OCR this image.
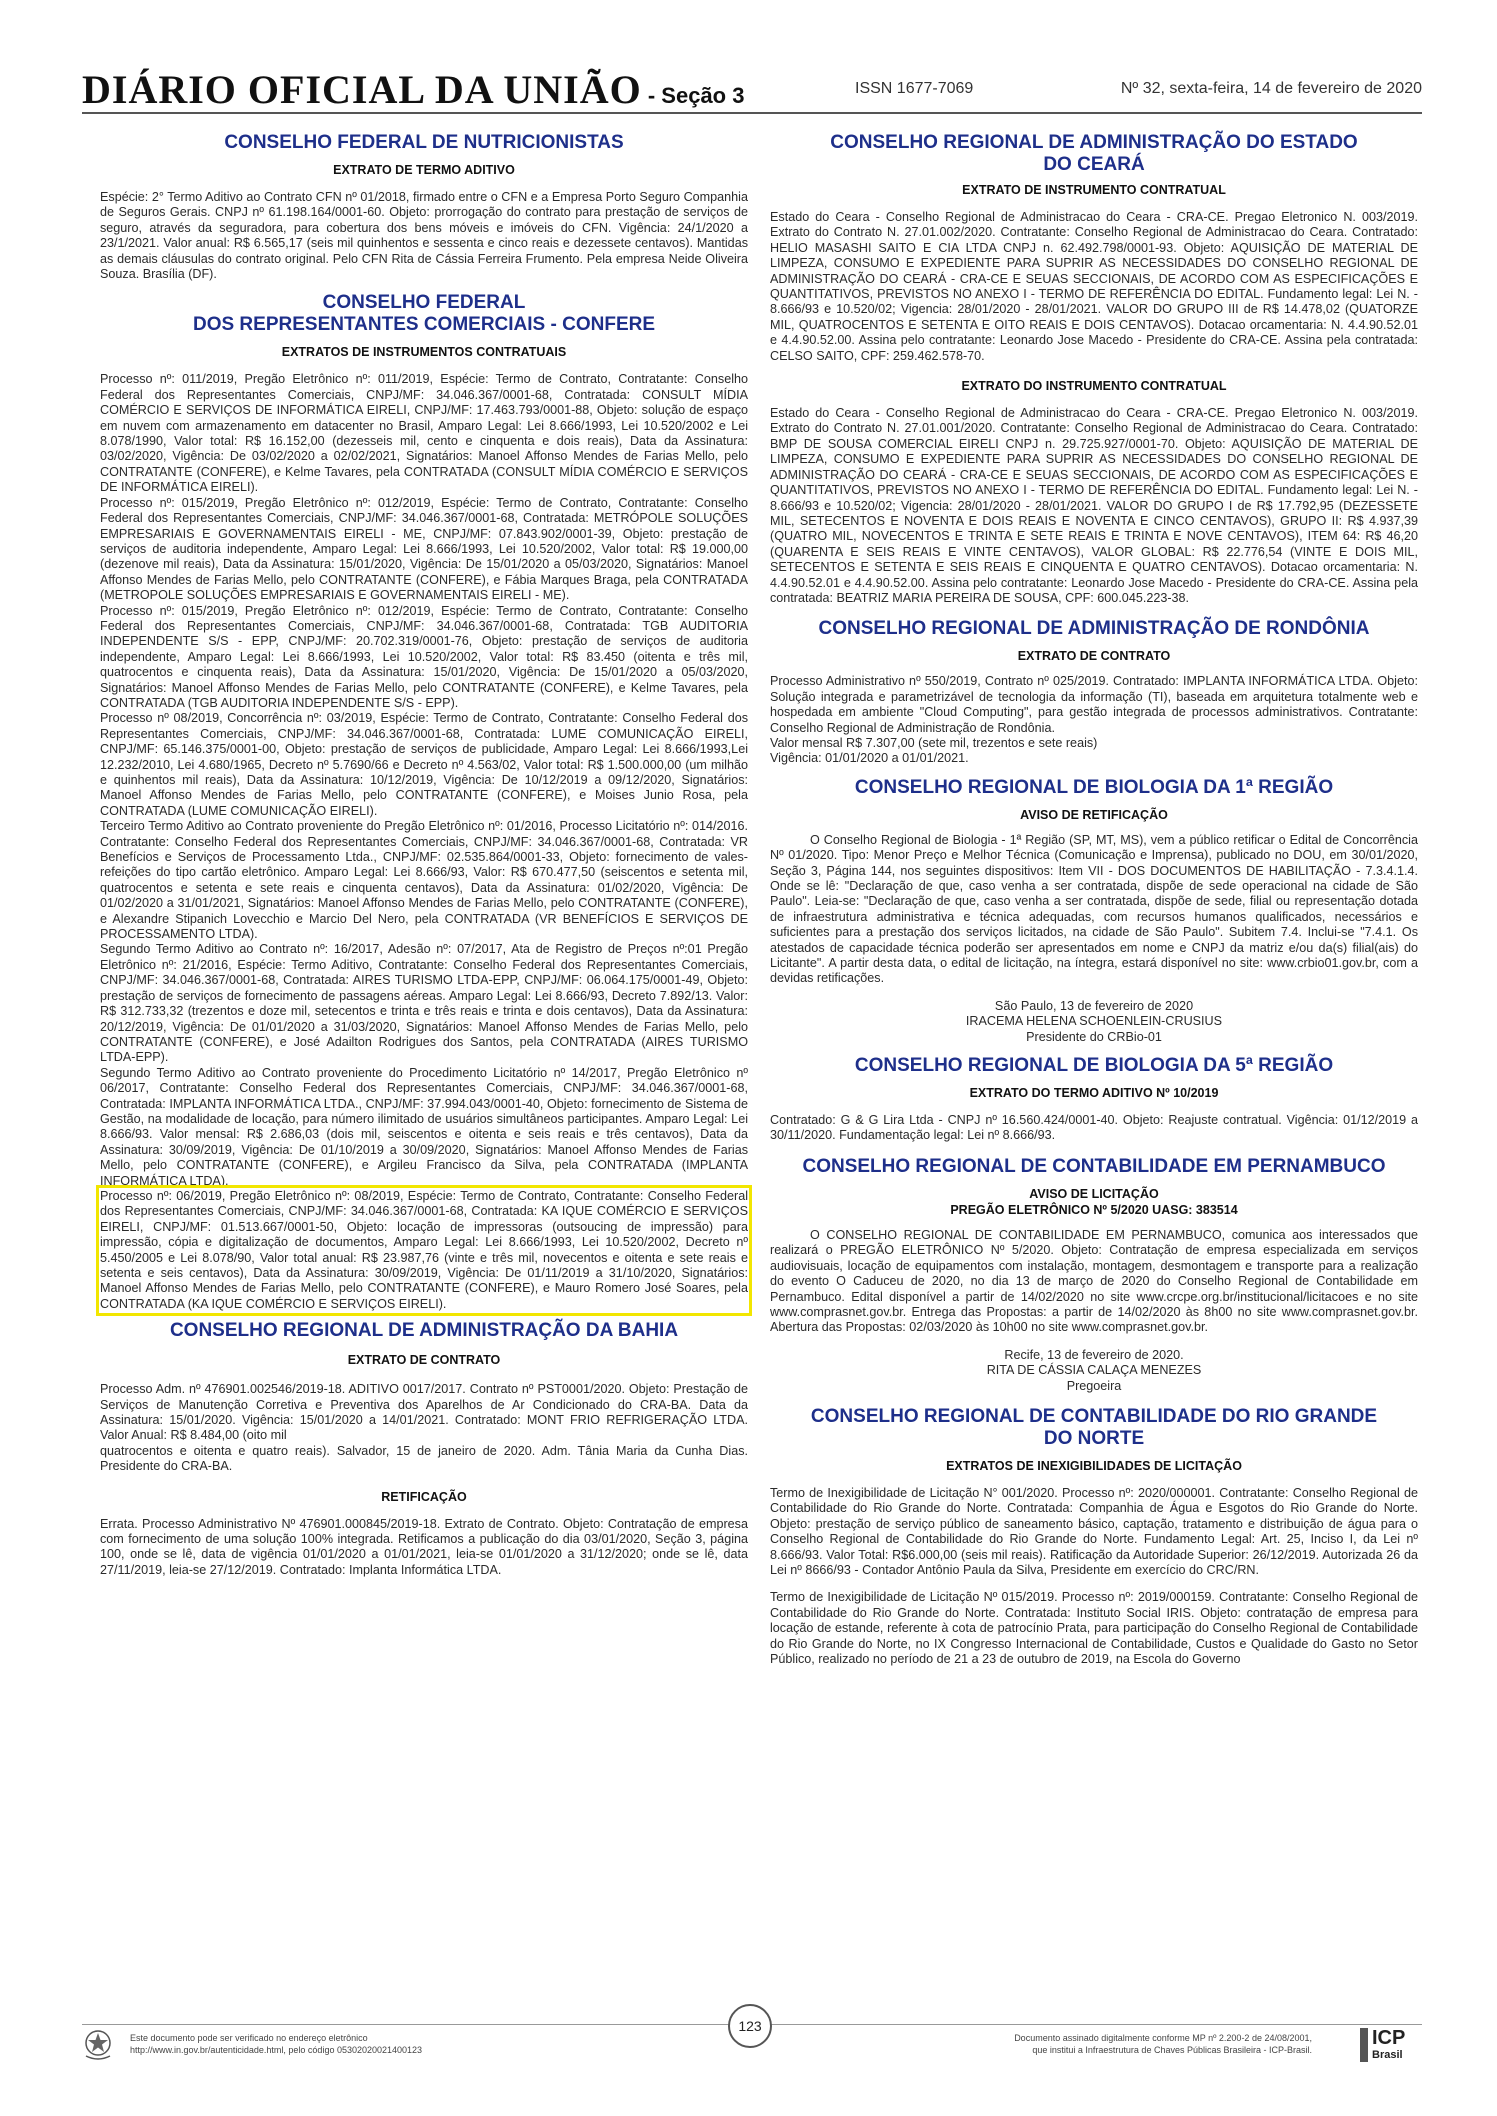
DIÁRIO OFICIAL DA UNIÃO - Seção 3	ISSN 1677-7069	Nº 32, sexta-feira, 14 de fevereiro de 2020
CONSELHO FEDERAL DE NUTRICIONISTAS
EXTRATO DE TERMO ADITIVO

Espécie: 2° Termo Aditivo ao Contrato CFN nº 01/2018, firmado entre o CFN e a Empresa Porto Seguro Companhia de Seguros Gerais. CNPJ nº 61.198.164/0001-60. Objeto: prorrogação do contrato para prestação de serviços de seguro, através da seguradora, para cobertura dos bens móveis e imóveis do CFN. Vigência: 24/1/2020 a 23/1/2021. Valor anual: R$ 6.565,17 (seis mil quinhentos e sessenta e cinco reais e dezessete centavos). Mantidas as demais cláusulas do contrato original. Pelo CFN Rita de Cássia Ferreira Frumento. Pela empresa Neide Oliveira Souza. Brasília (DF).

CONSELHO FEDERAL
DOS REPRESENTANTES COMERCIAIS - CONFERE
EXTRATOS DE INSTRUMENTOS CONTRATUAIS

Processo nº: 011/2019, Pregão Eletrônico nº: 011/2019, Espécie: Termo de Contrato, Contratante: Conselho Federal dos Representantes Comerciais, CNPJ/MF: 34.046.367/0001-68, Contratada: CONSULT MÍDIA COMÉRCIO E SERVIÇOS DE INFORMÁTICA EIRELI, CNPJ/MF: 17.463.793/0001-88, Objeto: solução de espaço em nuvem com armazenamento em datacenter no Brasil, Amparo Legal: Lei 8.666/1993, Lei 10.520/2002 e Lei 8.078/1990, Valor total: R$ 16.152,00 (dezesseis mil, cento e cinquenta e dois reais), Data da Assinatura: 03/02/2020, Vigência: De 03/02/2020 a 02/02/2021, Signatários: Manoel Affonso Mendes de Farias Mello, pelo CONTRATANTE (CONFERE), e Kelme Tavares, pela CONTRATADA (CONSULT MÍDIA COMÉRCIO E SERVIÇOS DE INFORMÁTICA EIRELI).

Processo nº: 015/2019, Pregão Eletrônico nº: 012/2019, Espécie: Termo de Contrato, Contratante: Conselho Federal dos Representantes Comerciais, CNPJ/MF: 34.046.367/0001-68, Contratada: METRÓPOLE SOLUÇÕES EMPRESARIAIS E GOVERNAMENTAIS EIRELI - ME, CNPJ/MF: 07.843.902/0001-39, Objeto: prestação de serviços de auditoria independente, Amparo Legal: Lei 8.666/1993, Lei 10.520/2002, Valor total: R$ 19.000,00 (dezenove mil reais), Data da Assinatura: 15/01/2020, Vigência: De 15/01/2020 a 05/03/2020, Signatários: Manoel Affonso Mendes de Farias Mello, pelo CONTRATANTE (CONFERE), e Fábia Marques Braga, pela CONTRATADA (METROPOLE SOLUÇÕES EMPRESARIAIS E GOVERNAMENTAIS EIRELI - ME).

Processo nº: 015/2019, Pregão Eletrônico nº: 012/2019, Espécie: Termo de Contrato, Contratante: Conselho Federal dos Representantes Comerciais, CNPJ/MF: 34.046.367/0001-68, Contratada: TGB AUDITORIA INDEPENDENTE S/S - EPP, CNPJ/MF: 20.702.319/0001-76, Objeto: prestação de serviços de auditoria independente, Amparo Legal: Lei 8.666/1993, Lei 10.520/2002, Valor total: R$ 83.450 (oitenta e três mil, quatrocentos e cinquenta reais), Data da Assinatura: 15/01/2020, Vigência: De 15/01/2020 a 05/03/2020, Signatários: Manoel Affonso Mendes de Farias Mello, pelo CONTRATANTE (CONFERE), e Kelme Tavares, pela CONTRATADA (TGB AUDITORIA INDEPENDENTE S/S - EPP).

Processo nº 08/2019, Concorrência nº: 03/2019, Espécie: Termo de Contrato, Contratante: Conselho Federal dos Representantes Comerciais, CNPJ/MF: 34.046.367/0001-68, Contratada: LUME COMUNICAÇÃO EIRELI, CNPJ/MF: 65.146.375/0001-00, Objeto: prestação de serviços de publicidade, Amparo Legal: Lei 8.666/1993,Lei 12.232/2010, Lei 4.680/1965, Decreto nº 5.7690/66 e Decreto nº 4.563/02, Valor total: R$ 1.500.000,00 (um milhão e quinhentos mil reais), Data da Assinatura: 10/12/2019, Vigência: De 10/12/2019 a 09/12/2020, Signatários: Manoel Affonso Mendes de Farias Mello, pelo CONTRATANTE (CONFERE), e Moises Junio Rosa, pela CONTRATADA (LUME COMUNICAÇÃO EIRELI).

Terceiro Termo Aditivo ao Contrato proveniente do Pregão Eletrônico nº: 01/2016, Processo Licitatório nº: 014/2016. Contratante: Conselho Federal dos Representantes Comerciais, CNPJ/MF: 34.046.367/0001-68, Contratada: VR Benefícios e Serviços de Processamento Ltda., CNPJ/MF: 02.535.864/0001-33, Objeto: fornecimento de vales-refeições do tipo cartão eletrônico. Amparo Legal: Lei 8.666/93, Valor: R$ 670.477,50 (seiscentos e setenta mil, quatrocentos e setenta e sete reais e cinquenta centavos), Data da Assinatura: 01/02/2020, Vigência: De 01/02/2020 a 31/01/2021, Signatários: Manoel Affonso Mendes de Farias Mello, pelo CONTRATANTE (CONFERE), e Alexandre Stipanich Lovecchio e Marcio Del Nero, pela CONTRATADA (VR BENEFÍCIOS E SERVIÇOS DE PROCESSAMENTO LTDA).

Segundo Termo Aditivo ao Contrato nº: 16/2017, Adesão nº: 07/2017, Ata de Registro de Preços nº:01 Pregão Eletrônico nº: 21/2016, Espécie: Termo Aditivo, Contratante: Conselho Federal dos Representantes Comerciais, CNPJ/MF: 34.046.367/0001-68, Contratada: AIRES TURISMO LTDA-EPP, CNPJ/MF: 06.064.175/0001-49, Objeto: prestação de serviços de fornecimento de passagens aéreas. Amparo Legal: Lei 8.666/93, Decreto 7.892/13. Valor: R$ 312.733,32 (trezentos e doze mil, setecentos e trinta e três reais e trinta e dois centavos), Data da Assinatura: 20/12/2019, Vigência: De 01/01/2020 a 31/03/2020, Signatários: Manoel Affonso Mendes de Farias Mello, pelo CONTRATANTE (CONFERE), e José Adailton Rodrigues dos Santos, pela CONTRATADA (AIRES TURISMO LTDA-EPP).

Segundo Termo Aditivo ao Contrato proveniente do Procedimento Licitatório nº 14/2017, Pregão Eletrônico nº 06/2017, Contratante: Conselho Federal dos Representantes Comerciais, CNPJ/MF: 34.046.367/0001-68, Contratada: IMPLANTA INFORMÁTICA LTDA., CNPJ/MF: 37.994.043/0001-40, Objeto: fornecimento de Sistema de Gestão, na modalidade de locação, para número ilimitado de usuários simultâneos participantes. Amparo Legal: Lei 8.666/93. Valor mensal: R$ 2.686,03 (dois mil, seiscentos e oitenta e seis reais e três centavos), Data da Assinatura: 30/09/2019, Vigência: De 01/10/2019 a 30/09/2020, Signatários: Manoel Affonso Mendes de Farias Mello, pelo CONTRATANTE (CONFERE), e Argileu Francisco da Silva, pela CONTRATADA (IMPLANTA INFORMÁTICA LTDA).

Processo nº: 06/2019, Pregão Eletrônico nº: 08/2019, Espécie: Termo de Contrato, Contratante: Conselho Federal dos Representantes Comerciais, CNPJ/MF: 34.046.367/0001-68, Contratada: KA IQUE COMÉRCIO E SERVIÇOS EIRELI, CNPJ/MF: 01.513.667/0001-50, Objeto: locação de impressoras (outsoucing de impressão) para impressão, cópia e digitalização de documentos, Amparo Legal: Lei 8.666/1993, Lei 10.520/2002, Decreto nº 5.450/2005 e Lei 8.078/90, Valor total anual: R$ 23.987,76 (vinte e três mil, novecentos e oitenta e sete reais e setenta e seis centavos), Data da Assinatura: 30/09/2019, Vigência: De 01/11/2019 a 31/10/2020, Signatários: Manoel Affonso Mendes de Farias Mello, pelo CONTRATANTE (CONFERE), e Mauro Romero José Soares, pela CONTRATADA (KA IQUE COMÉRCIO E SERVIÇOS EIRELI).

CONSELHO REGIONAL DE ADMINISTRAÇÃO DA BAHIA
EXTRATO DE CONTRATO

Processo Adm. nº 476901.002546/2019-18. ADITIVO 0017/2017. Contrato nº PST0001/2020. Objeto: Prestação de Serviços de Manutenção Corretiva e Preventiva dos Aparelhos de Ar Condicionado do CRA-BA. Data da Assinatura: 15/01/2020. Vigência: 15/01/2020 a 14/01/2021. Contratado: MONT FRIO REFRIGERAÇÃO LTDA. Valor Anual: R$ 8.484,00 (oito mil

quatrocentos e oitenta e quatro reais). Salvador, 15 de janeiro de 2020. Adm. Tânia Maria da Cunha Dias. Presidente do CRA-BA.

RETIFICAÇÃO

Errata. Processo Administrativo Nº 476901.000845/2019-18. Extrato de Contrato. Objeto: Contratação de empresa com fornecimento de uma solução 100% integrada. Retificamos a publicação do dia 03/01/2020, Seção 3, página 100, onde se lê, data de vigência 01/01/2020 a 01/01/2021, leia-se 01/01/2020 a 31/12/2020; onde se lê, data 27/11/2019, leia-se 27/12/2019. Contratado: Implanta Informática LTDA.

CONSELHO REGIONAL DE ADMINISTRAÇÃO DO ESTADO
DO CEARÁ
EXTRATO DE INSTRUMENTO CONTRATUAL

Estado do Ceara - Conselho Regional de Administracao do Ceara - CRA-CE. Pregao Eletronico N. 003/2019. Extrato do Contrato N. 27.01.002/2020. Contratante: Conselho Regional de Administracao do Ceara. Contratado: HELIO MASASHI SAITO E CIA LTDA CNPJ n. 62.492.798/0001-93. Objeto: AQUISIÇÃO DE MATERIAL DE LIMPEZA, CONSUMO E EXPEDIENTE PARA SUPRIR AS NECESSIDADES DO CONSELHO REGIONAL DE ADMINISTRAÇÃO DO CEARÁ - CRA-CE E SEUAS SECCIONAIS, DE ACORDO COM AS ESPECIFICAÇÕES E QUANTITATIVOS, PREVISTOS NO ANEXO I - TERMO DE REFERÊNCIA DO EDITAL. Fundamento legal: Lei N. - 8.666/93 e 10.520/02; Vigencia: 28/01/2020 - 28/01/2021. VALOR DO GRUPO III de R$ 14.478,02 (QUATORZE MIL, QUATROCENTOS E SETENTA E OITO REAIS E DOIS CENTAVOS). Dotacao orcamentaria: N. 4.4.90.52.01 e 4.4.90.52.00. Assina pelo contratante: Leonardo Jose Macedo - Presidente do CRA-CE. Assina pela contratada: CELSO SAITO, CPF: 259.462.578-70.

EXTRATO DO INSTRUMENTO CONTRATUAL

Estado do Ceara - Conselho Regional de Administracao do Ceara - CRA-CE. Pregao Eletronico N. 003/2019. Extrato do Contrato N. 27.01.001/2020. Contratante: Conselho Regional de Administracao do Ceara. Contratado: BMP DE SOUSA COMERCIAL EIRELI CNPJ n. 29.725.927/0001-70. Objeto: AQUISIÇÃO DE MATERIAL DE LIMPEZA, CONSUMO E EXPEDIENTE PARA SUPRIR AS NECESSIDADES DO CONSELHO REGIONAL DE ADMINISTRAÇÃO DO CEARÁ - CRA-CE E SEUAS SECCIONAIS, DE ACORDO COM AS ESPECIFICAÇÕES E QUANTITATIVOS, PREVISTOS NO ANEXO I - TERMO DE REFERÊNCIA DO EDITAL. Fundamento legal: Lei N. - 8.666/93 e 10.520/02; Vigencia: 28/01/2020 - 28/01/2021. VALOR DO GRUPO I de R$ 17.792,95 (DEZESSETE MIL, SETECENTOS E NOVENTA E DOIS REAIS E NOVENTA E CINCO CENTAVOS), GRUPO II: R$ 4.937,39 (QUATRO MIL, NOVECENTOS E TRINTA E SETE REAIS E TRINTA E NOVE CENTAVOS), ITEM 64: R$ 46,20 (QUARENTA E SEIS REAIS E VINTE CENTAVOS), VALOR GLOBAL: R$ 22.776,54 (VINTE E DOIS MIL, SETECENTOS E SETENTA E SEIS REAIS E CINQUENTA E QUATRO CENTAVOS). Dotacao orcamentaria: N. 4.4.90.52.01 e 4.4.90.52.00. Assina pelo contratante: Leonardo Jose Macedo - Presidente do CRA-CE. Assina pela contratada: BEATRIZ MARIA PEREIRA DE SOUSA, CPF: 600.045.223-38.

CONSELHO REGIONAL DE ADMINISTRAÇÃO DE RONDÔNIA
EXTRATO DE CONTRATO

Processo Administrativo nº 550/2019, Contrato nº 025/2019. Contratado: IMPLANTA INFORMÁTICA LTDA. Objeto: Solução integrada e parametrizável de tecnologia da informação (TI), baseada em arquitetura totalmente web e hospedada em ambiente "Cloud Computing", para gestão integrada de processos administrativos. Contratante: Conselho Regional de Administração de Rondônia.

Valor mensal R$ 7.307,00 (sete mil, trezentos e sete reais)

Vigência: 01/01/2020 a 01/01/2021.

CONSELHO REGIONAL DE BIOLOGIA DA 1ª REGIÃO
AVISO DE RETIFICAÇÃO

O Conselho Regional de Biologia - 1ª Região (SP, MT, MS), vem a público retificar o Edital de Concorrência Nº 01/2020. Tipo: Menor Preço e Melhor Técnica (Comunicação e Imprensa), publicado no DOU, em 30/01/2020, Seção 3, Página 144, nos seguintes dispositivos: Item VII - DOS DOCUMENTOS DE HABILITAÇÃO - 7.3.4.1.4. Onde se lê: "Declaração de que, caso venha a ser contratada, dispõe de sede operacional na cidade de São Paulo". Leia-se: "Declaração de que, caso venha a ser contratada, dispõe de sede, filial ou representação dotada de infraestrutura administrativa e técnica adequadas, com recursos humanos qualificados, necessários e suficientes para a prestação dos serviços licitados, na cidade de São Paulo". Subitem 7.4. Inclui-se "7.4.1. Os atestados de capacidade técnica poderão ser apresentados em nome e CNPJ da matriz e/ou da(s) filial(ais) do Licitante". A partir desta data, o edital de licitação, na íntegra, estará disponível no site: www.crbio01.gov.br, com a devidas retificações.

São Paulo, 13 de fevereiro de 2020

IRACEMA HELENA SCHOENLEIN-CRUSIUS

Presidente do CRBio-01

CONSELHO REGIONAL DE BIOLOGIA DA 5ª REGIÃO
EXTRATO DO TERMO ADITIVO Nº 10/2019

Contratado: G & G Lira Ltda - CNPJ nº 16.560.424/0001-40. Objeto: Reajuste contratual. Vigência: 01/12/2019 a 30/11/2020. Fundamentação legal: Lei nº 8.666/93.

CONSELHO REGIONAL DE CONTABILIDADE EM PERNAMBUCO
AVISO DE LICITAÇÃO
PREGÃO ELETRÔNICO Nº 5/2020 UASG: 383514

O CONSELHO REGIONAL DE CONTABILIDADE EM PERNAMBUCO, comunica aos interessados que realizará o PREGÃO ELETRÔNICO Nº 5/2020. Objeto: Contratação de empresa especializada em serviços audiovisuais, locação de equipamentos com instalação, montagem, desmontagem e transporte para a realização do evento O Caduceu de 2020, no dia 13 de março de 2020 do Conselho Regional de Contabilidade em Pernambuco. Edital disponível a partir de 14/02/2020 no site www.crcpe.org.br/institucional/licitacoes e no site www.comprasnet.gov.br. Entrega das Propostas: a partir de 14/02/2020 às 8h00 no site www.comprasnet.gov.br. Abertura das Propostas: 02/03/2020 às 10h00 no site www.comprasnet.gov.br.

Recife, 13 de fevereiro de 2020.

RITA DE CÁSSIA CALAÇA MENEZES

Pregoeira

CONSELHO REGIONAL DE CONTABILIDADE DO RIO GRANDE
DO NORTE
EXTRATOS DE INEXIGIBILIDADES DE LICITAÇÃO

Termo de Inexigibilidade de Licitação N° 001/2020. Processo nº: 2020/000001. Contratante: Conselho Regional de Contabilidade do Rio Grande do Norte. Contratada: Companhia de Água e Esgotos do Rio Grande do Norte. Objeto: prestação de serviço público de saneamento básico, captação, tratamento e distribuição de água para o Conselho Regional de Contabilidade do Rio Grande do Norte. Fundamento Legal: Art. 25, Inciso I, da Lei nº 8.666/93. Valor Total: R$6.000,00 (seis mil reais). Ratificação da Autoridade Superior: 26/12/2019. Autorizada 26 da Lei nº 8666/93 - Contador Antônio Paula da Silva, Presidente em exercício do CRC/RN.

Termo de Inexigibilidade de Licitação Nº 015/2019. Processo nº: 2019/000159. Contratante: Conselho Regional de Contabilidade do Rio Grande do Norte. Contratada: Instituto Social IRIS. Objeto: contratação de empresa para locação de estande, referente à cota de patrocínio Prata, para participação do Conselho Regional de Contabilidade do Rio Grande do Norte, no IX Congresso Internacional de Contabilidade, Custos e Qualidade do Gasto no Setor Público, realizado no período de 21 a 23 de outubro de 2019, na Escola do Governo

Este documento pode ser verificado no endereço eletrônico
http://www.in.gov.br/autenticidade.html, pelo código 05302020021400123
123
Documento assinado digitalmente conforme MP nº 2.200-2 de 24/08/2001,
que institui a Infraestrutura de Chaves Públicas Brasileira - ICP-Brasil.
ICP
Brasil
